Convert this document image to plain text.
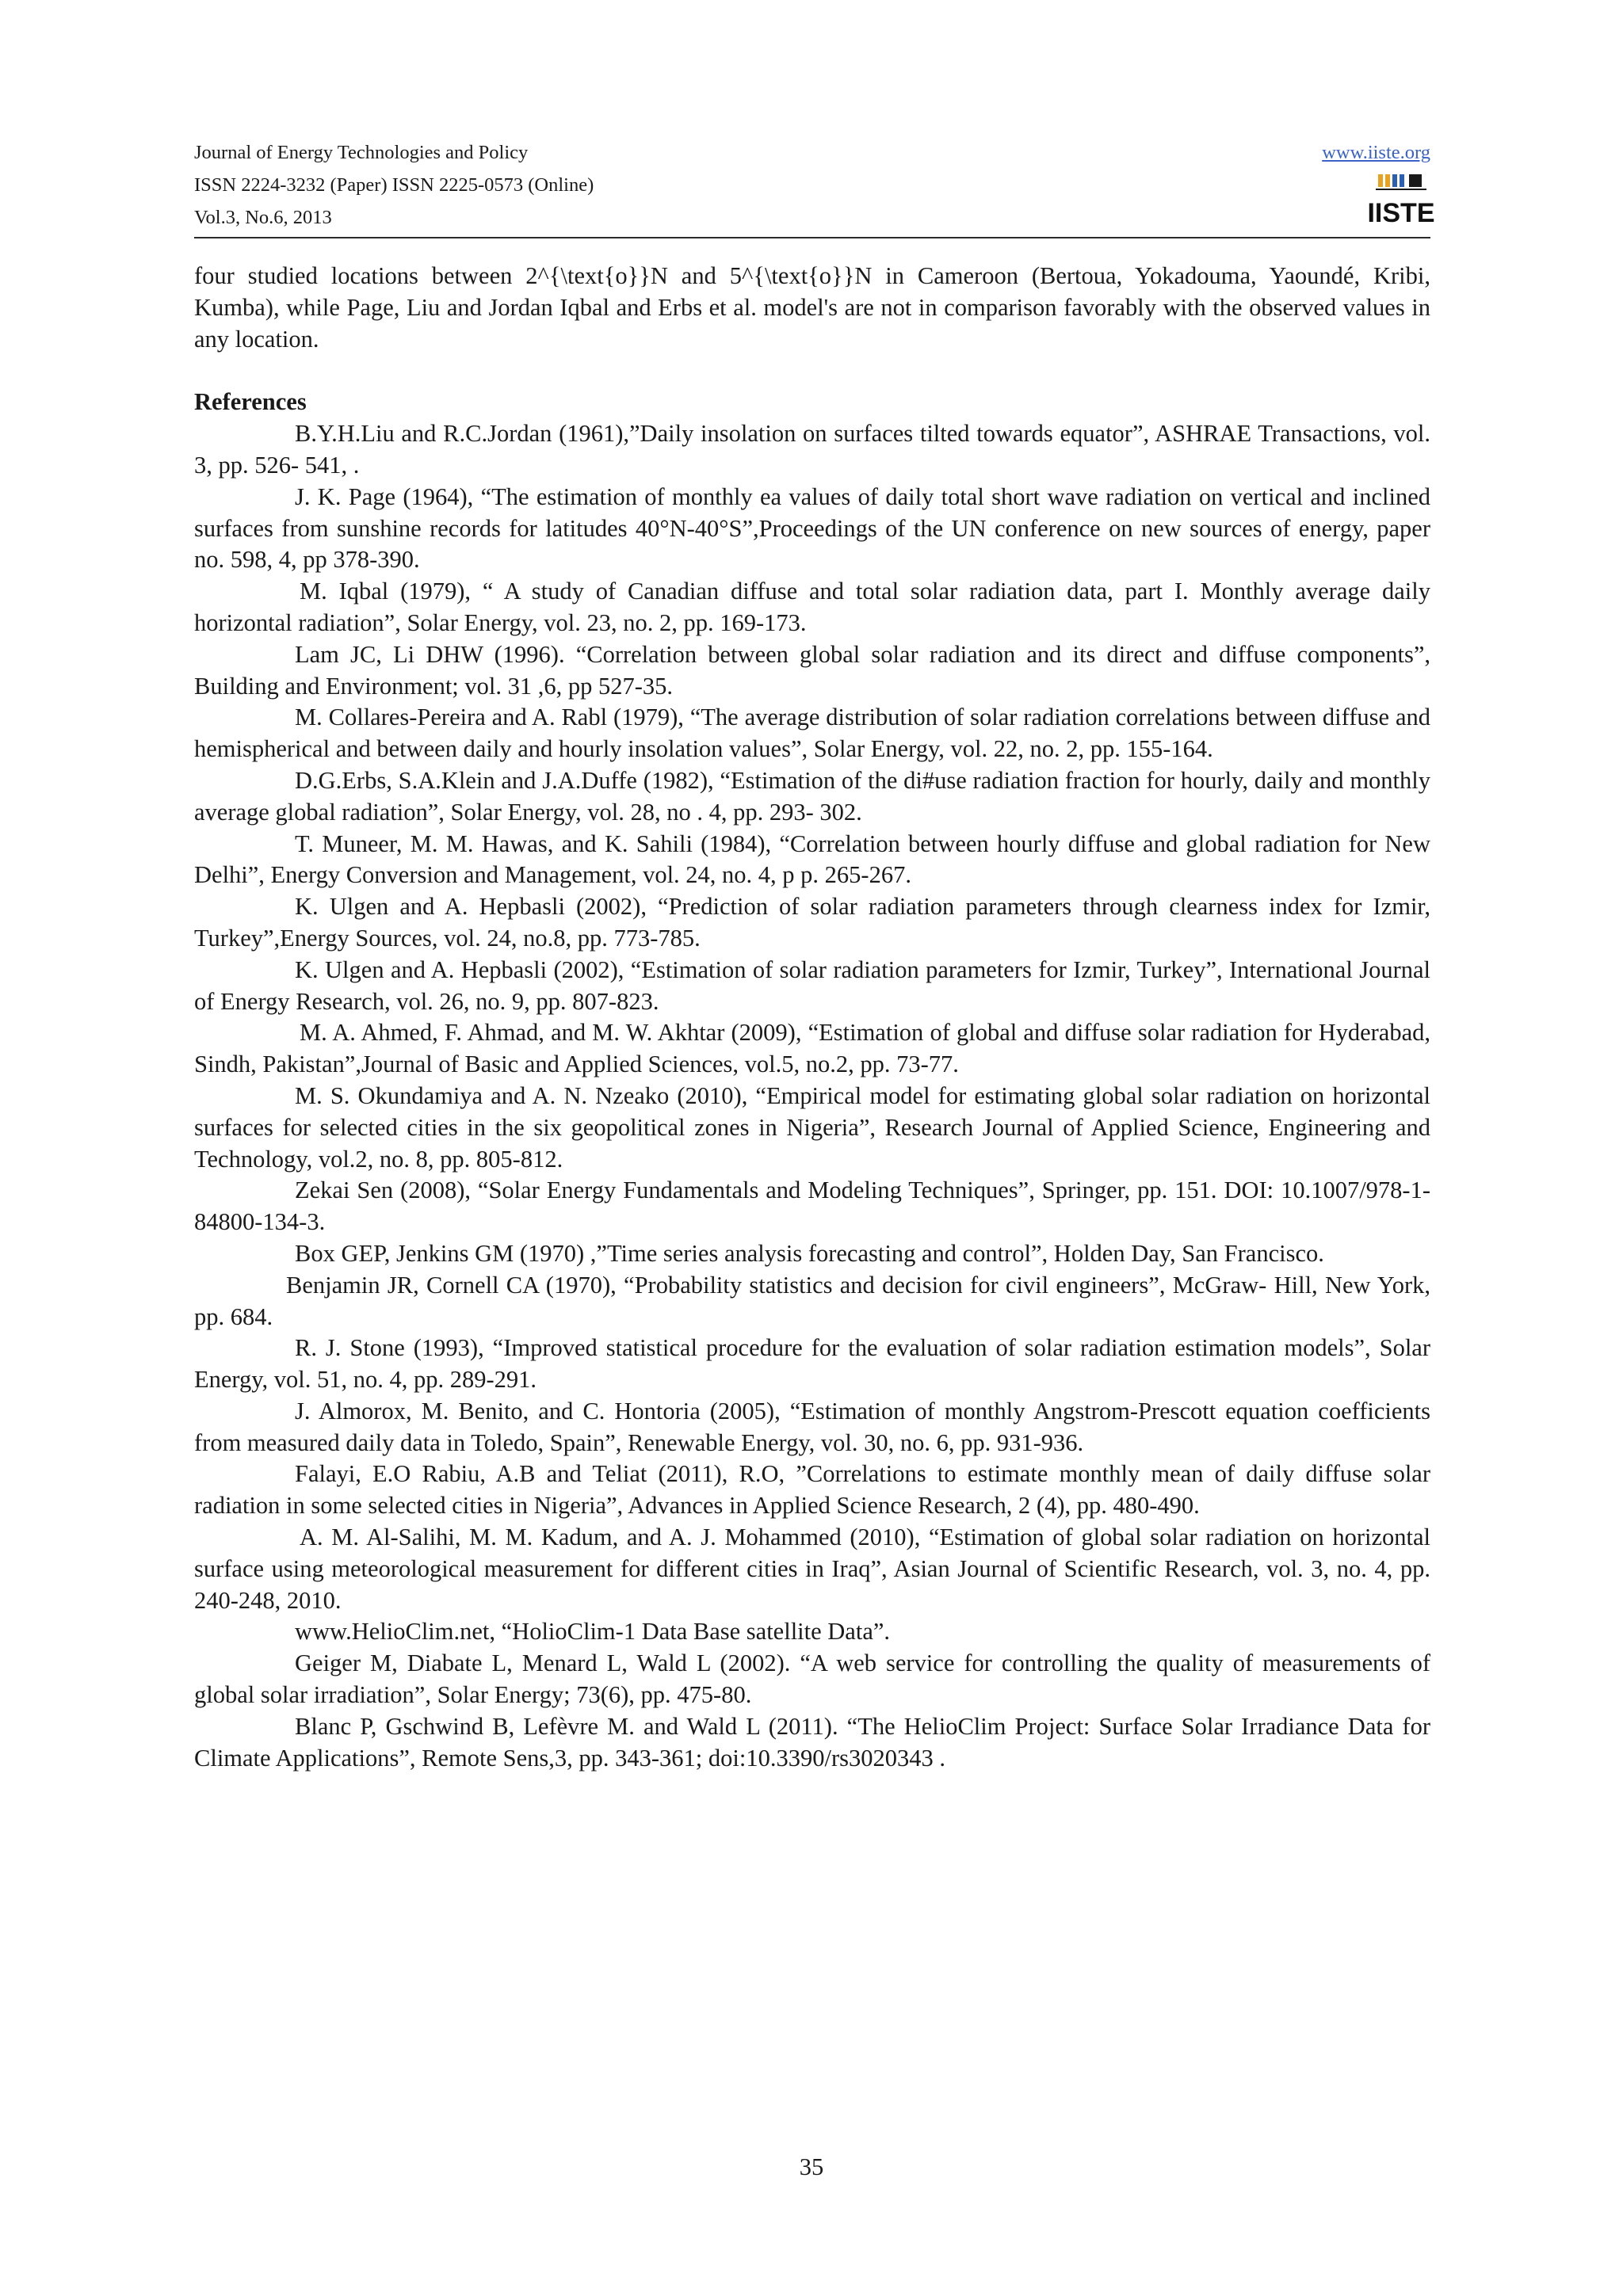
Journal of Energy Technologies and Policy
ISSN 2224-3232 (Paper) ISSN 2225-0573 (Online)
Vol.3, No.6, 2013
www.iiste.org
IISTE

four studied locations between 2^{\text{o}}N and 5^{\text{o}}N in Cameroon (Bertoua, Yokadouma, Yaoundé, Kribi, Kumba), while Page, Liu and Jordan Iqbal and Erbs et al. model's are not in comparison favorably with the observed values in any location.

References

B.Y.H.Liu and R.C.Jordan (1961),”Daily insolation on surfaces tilted towards equator”, ASHRAE Transactions, vol. 3, pp. 526- 541, .

J. K. Page (1964), “The estimation of monthly ea values of daily total short wave radiation on vertical and inclined surfaces from sunshine records for latitudes 40°N-40°S”,Proceedings of the UN conference on new sources of energy, paper no. 598, 4, pp 378-390.

M. Iqbal (1979), “ A study of Canadian diffuse and total solar radiation data, part I. Monthly average daily horizontal radiation”, Solar Energy, vol. 23, no. 2, pp. 169-173.

Lam JC, Li DHW (1996). “Correlation between global solar radiation and its direct and diffuse components”, Building and Environment; vol. 31 ,6, pp 527-35.

M. Collares-Pereira and A. Rabl (1979), “The average distribution of solar radiation correlations between diffuse and hemispherical and between daily and hourly insolation values”, Solar Energy, vol. 22, no. 2, pp. 155-164.

D.G.Erbs, S.A.Klein and J.A.Duffe (1982), “Estimation of the di#use radiation fraction for hourly, daily and monthly average global radiation”, Solar Energy, vol. 28, no . 4, pp. 293- 302.

T. Muneer, M. M. Hawas, and K. Sahili (1984), “Correlation between hourly diffuse and global radiation for New Delhi”, Energy Conversion and Management, vol. 24, no. 4, p p. 265-267.

K. Ulgen and A. Hepbasli (2002), “Prediction of solar radiation parameters through clearness index for Izmir, Turkey”,Energy Sources, vol. 24, no.8, pp. 773-785.

K. Ulgen and A. Hepbasli (2002), “Estimation of solar radiation parameters for Izmir, Turkey”, International Journal of Energy Research, vol. 26, no. 9, pp. 807-823.

M. A. Ahmed, F. Ahmad, and M. W. Akhtar (2009), “Estimation of global and diffuse solar radiation for Hyderabad, Sindh, Pakistan”,Journal of Basic and Applied Sciences, vol.5, no.2, pp. 73-77.

M. S. Okundamiya and A. N. Nzeako (2010), “Empirical model for estimating global solar radiation on horizontal surfaces for selected cities in the six geopolitical zones in Nigeria”, Research Journal of Applied Science, Engineering and Technology, vol.2, no. 8, pp. 805-812.

Zekai Sen (2008), “Solar Energy Fundamentals and Modeling Techniques”, Springer, pp. 151. DOI: 10.1007/978-1-84800-134-3.

Box GEP, Jenkins GM (1970) ,”Time series analysis forecasting and control”, Holden Day, San Francisco.

Benjamin JR, Cornell CA (1970), “Probability statistics and decision for civil engineers”, McGraw- Hill, New York, pp. 684.

R. J. Stone (1993), “Improved statistical procedure for the evaluation of solar radiation estimation models”, Solar Energy, vol. 51, no. 4, pp. 289-291.

J. Almorox, M. Benito, and C. Hontoria (2005), “Estimation of monthly Angstrom-Prescott equation coefficients from measured daily data in Toledo, Spain”, Renewable Energy, vol. 30, no. 6, pp. 931-936.

Falayi, E.O Rabiu, A.B and Teliat (2011), R.O, ”Correlations to estimate monthly mean of daily diffuse solar radiation in some selected cities in Nigeria”, Advances in Applied Science Research, 2 (4), pp. 480-490.

A. M. Al-Salihi, M. M. Kadum, and A. J. Mohammed (2010), “Estimation of global solar radiation on horizontal surface using meteorological measurement for different cities in Iraq”, Asian Journal of Scientific Research, vol. 3, no. 4, pp. 240-248, 2010.

www.HelioClim.net, “HolioClim-1 Data Base satellite Data”.

Geiger M, Diabate L, Menard L, Wald L (2002). “A web service for controlling the quality of measurements of global solar irradiation”, Solar Energy; 73(6), pp. 475-80.

Blanc P, Gschwind B, Lefèvre M. and Wald L (2011). “The HelioClim Project: Surface Solar Irradiance Data for Climate Applications”, Remote Sens,3, pp. 343-361; doi:10.3390/rs3020343 .

35
